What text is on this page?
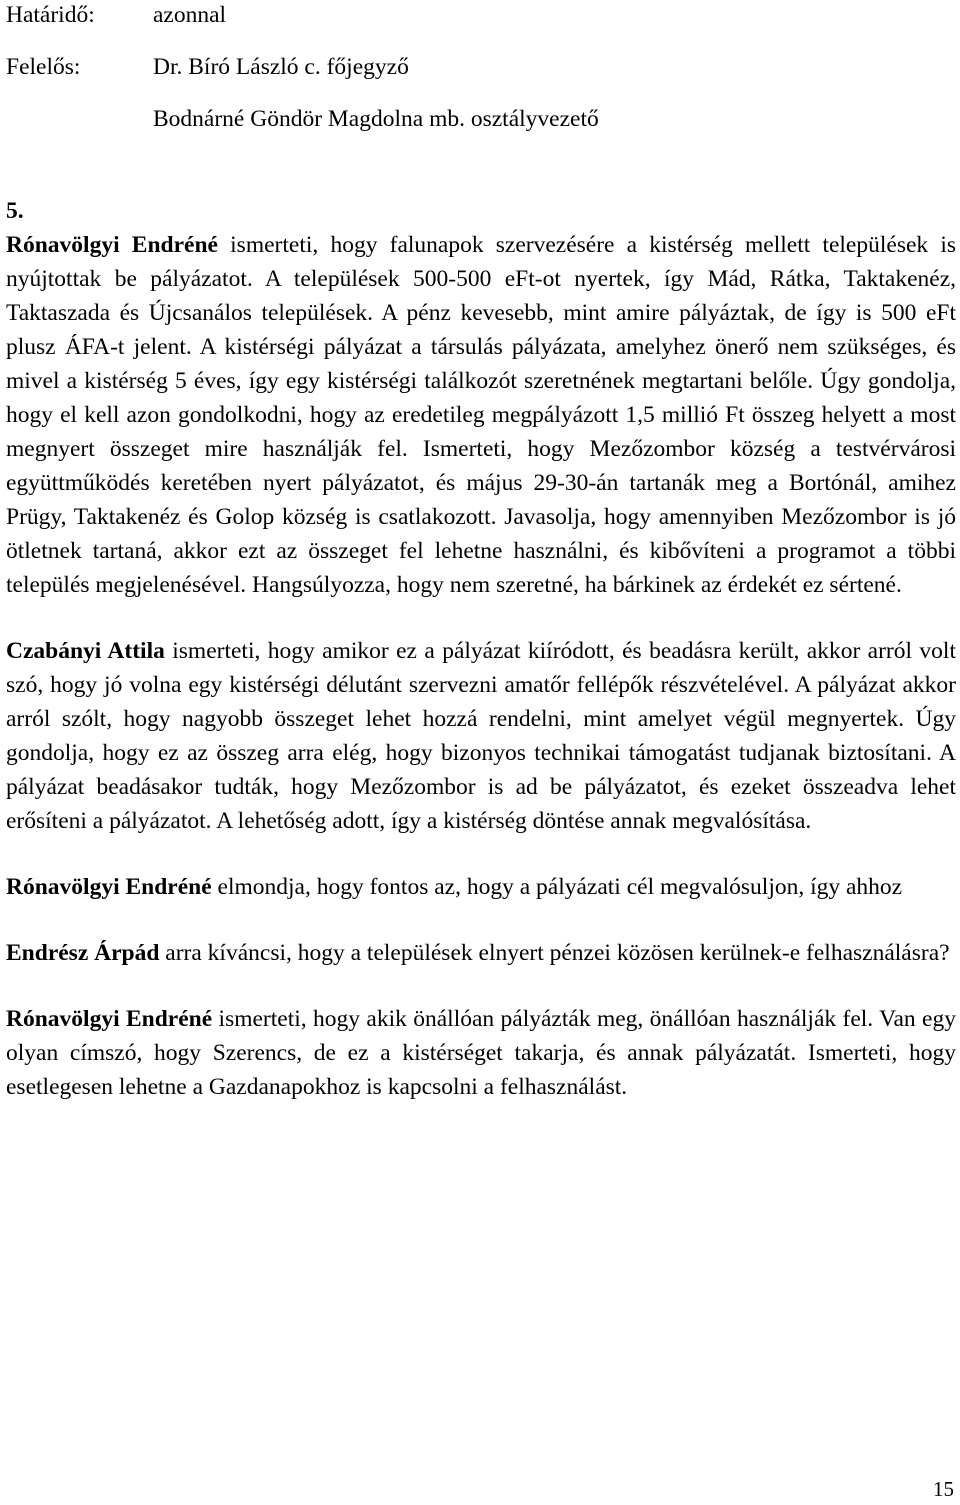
Határidő: azonnal
Felelős:	Dr. Bíró László c. főjegyző
Bodnárné Göndör Magdolna mb. osztályvezető
5.

Rónavölgyi Endréné ismerteti, hogy falunapok szervezésére a kistérség mellett települések is nyújtottak be pályázatot. A települések 500-500 eFt-ot nyertek, így Mád, Rátka, Taktakenéz, Taktaszada és Újcsanálos települések. A pénz kevesebb, mint amire pályáztak, de így is 500 eFt plusz ÁFA-t jelent. A kistérségi pályázat a társulás pályázata, amelyhez önerő nem szükséges, és mivel a kistérség 5 éves, így egy kistérségi találkozót szeretnének megtartani belőle. Úgy gondolja, hogy el kell azon gondolkodni, hogy az eredetileg megpályázott 1,5 millió Ft összeg helyett a most megnyert összeget mire használják fel. Ismerteti, hogy Mezőzombor község a testvérvárosi együttműködés keretében nyert pályázatot, és május 29-30-án tartanák meg a Bortónál, amihez Prügy, Taktakenéz és Golop község is csatlakozott. Javasolja, hogy amennyiben Mezőzombor is jó ötletnek tartaná, akkor ezt az összeget fel lehetne használni, és kibővíteni a programot a többi település megjelenésével. Hangsúlyozza, hogy nem szeretné, ha bárkinek az érdekét ez sértené.

Czabányi Attila ismerteti, hogy amikor ez a pályázat kiíródott, és beadásra került, akkor arról volt szó, hogy jó volna egy kistérségi délutánt szervezni amatőr fellépők részvételével. A pályázat akkor arról szólt, hogy nagyobb összeget lehet hozzá rendelni, mint amelyet végül megnyertek. Úgy gondolja, hogy ez az összeg arra elég, hogy bizonyos technikai támogatást tudjanak biztosítani. A pályázat beadásakor tudták, hogy Mezőzombor is ad be pályázatot, és ezeket összeadva lehet erősíteni a pályázatot. A lehetőség adott, így a kistérség döntése annak megvalósítása.

Rónavölgyi Endréné elmondja, hogy fontos az, hogy a pályázati cél megvalósuljon, így ahhoz

Endrész Árpád arra kíváncsi, hogy a települések elnyert pénzei közösen kerülnek-e felhasználásra?

Rónavölgyi Endréné ismerteti, hogy akik önállóan pályázták meg, önállóan használják fel. Van egy olyan címszó, hogy Szerencs, de ez a kistérséget takarja, és annak pályázatát. Ismerteti, hogy esetlegesen lehetne a Gazdanapokhoz is kapcsolni a felhasználást.

15
